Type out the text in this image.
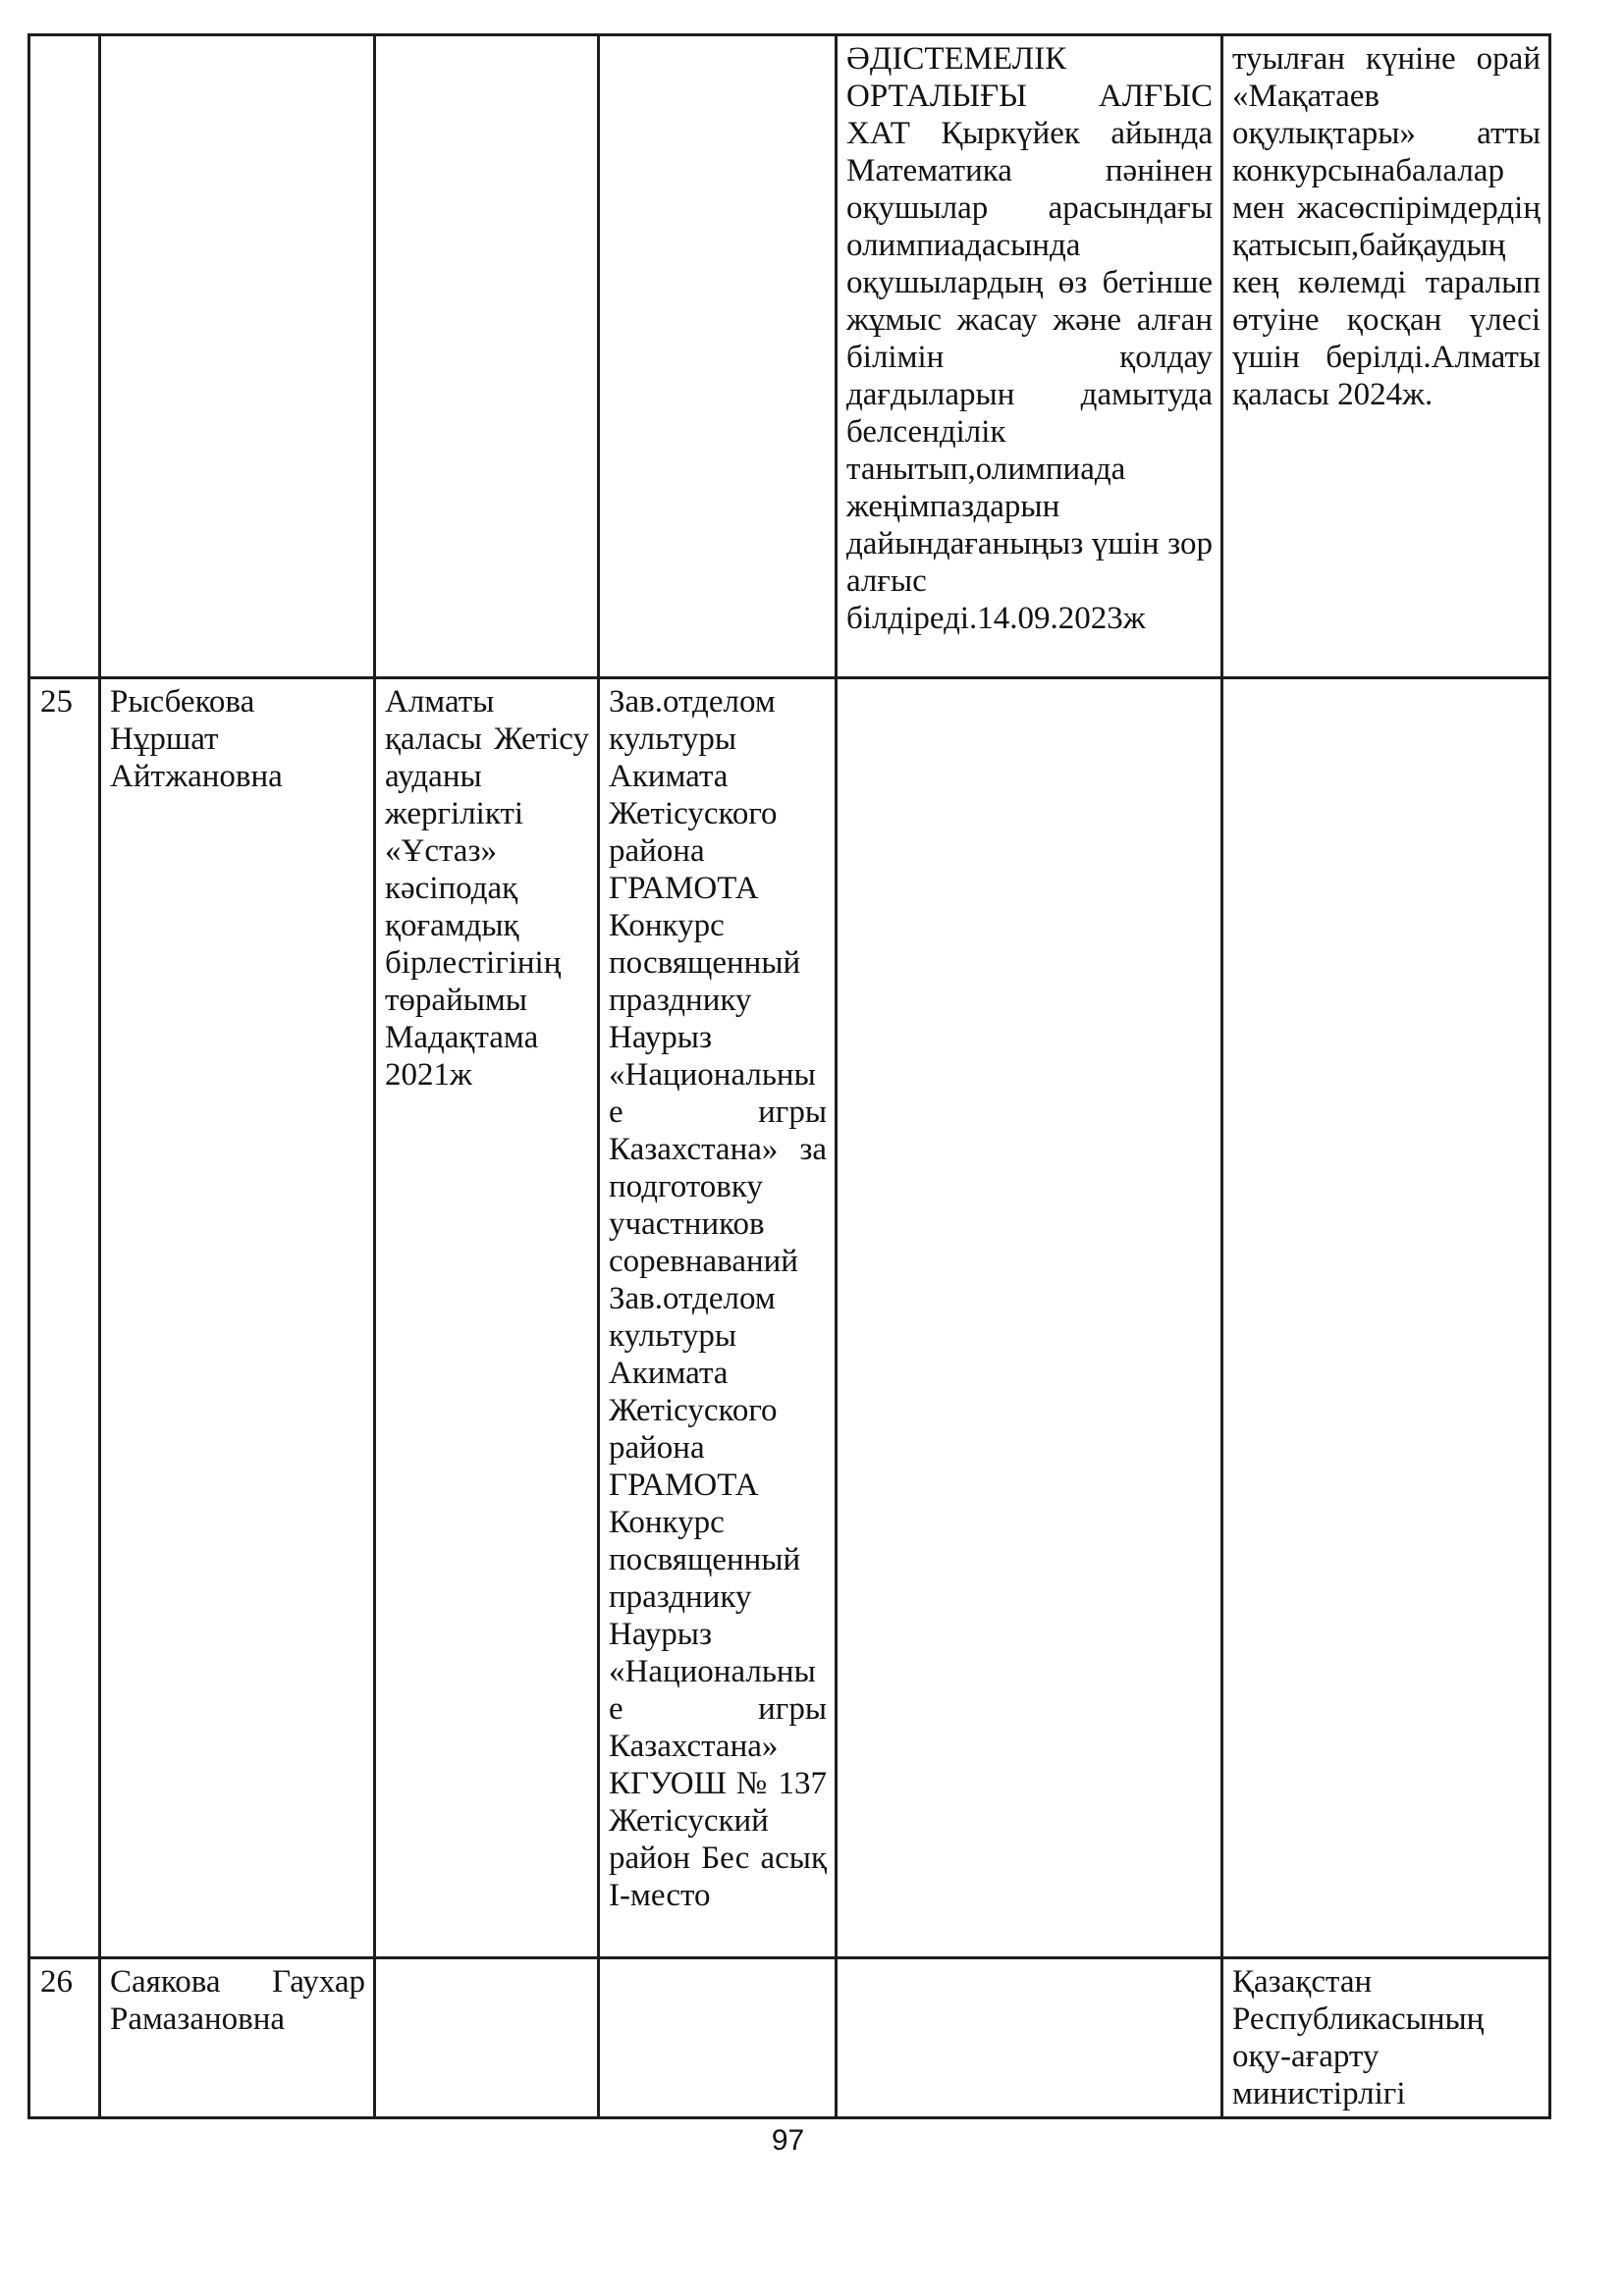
				ӘДІСТЕМЕЛІК ОРТАЛЫҒЫ АЛҒЫС ХАТ Қыркүйек айында Математика пәнінен оқушылар арасындағы олимпиадасында оқушылардың өз бетінше жұмыс жасау және алған білімін қолдау дағдыларын дамытуда белсенділік танытып,олимпиада жеңімпаздарын дайындағаныңыз үшін зор алғыс білдіреді.14.09.2023ж	туылған күніне орай «Мақатаев оқулықтары» атты конкурсынабалалар мен жасөспірімдердің қатысып,байқаудың кең көлемді таралып өтуіне қосқан үлесі үшін берілді.Алматы қаласы 2024ж.
25	Рысбекова Нұршат Айтжановна	Алматы қаласы Жетісу ауданы жергілікті «Ұстаз» кәсіподақ қоғамдық бірлестігінің төрайымы Мадақтама 2021ж	Зав.отделом культуры Акимата Жетісуского района ГРАМОТА Конкурс посвященный празднику Наурыз «Национальные игры Казахстана» за подготовку участников соревнаваний Зав.отделом культуры Акимата Жетісуского района ГРАМОТА Конкурс посвященный празднику Наурыз «Национальные игры Казахстана» КГУОШ № 137 Жетісуский район Бес асық І-место		
26	Саякова Гаухар Рамазановна				Қазақстан Республикасының оқу-ағарту министірлігі
97
